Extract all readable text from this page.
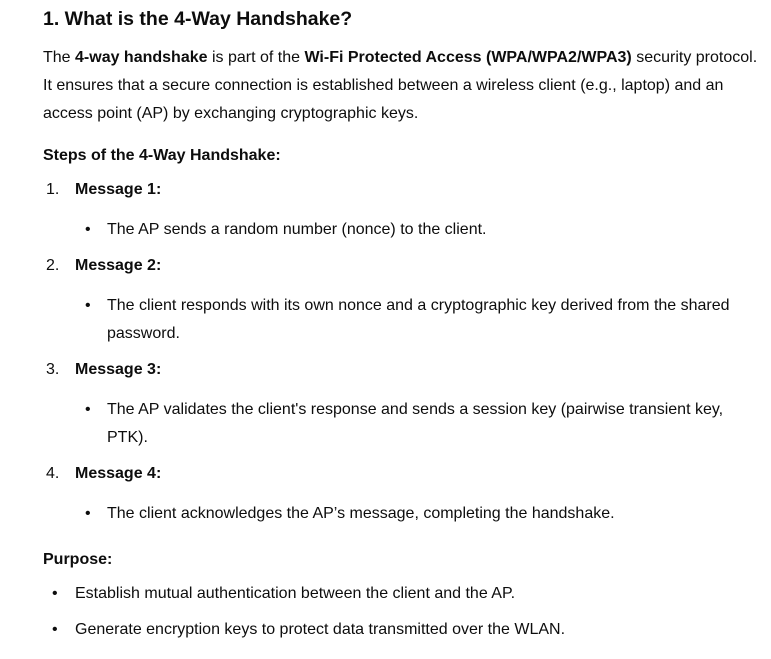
1. What is the 4-Way Handshake?

The 4-way handshake is part of the Wi-Fi Protected Access (WPA/WPA2/WPA3) security protocol. It ensures that a secure connection is established between a wireless client (e.g., laptop) and an access point (AP) by exchanging cryptographic keys.

Steps of the 4-Way Handshake:
1. Message 1:
• The AP sends a random number (nonce) to the client.
2. Message 2:
• The client responds with its own nonce and a cryptographic key derived from the shared password.
3. Message 3:
• The AP validates the client's response and sends a session key (pairwise transient key, PTK).
4. Message 4:
• The client acknowledges the AP’s message, completing the handshake.
Purpose:
• Establish mutual authentication between the client and the AP.
• Generate encryption keys to protect data transmitted over the WLAN.
